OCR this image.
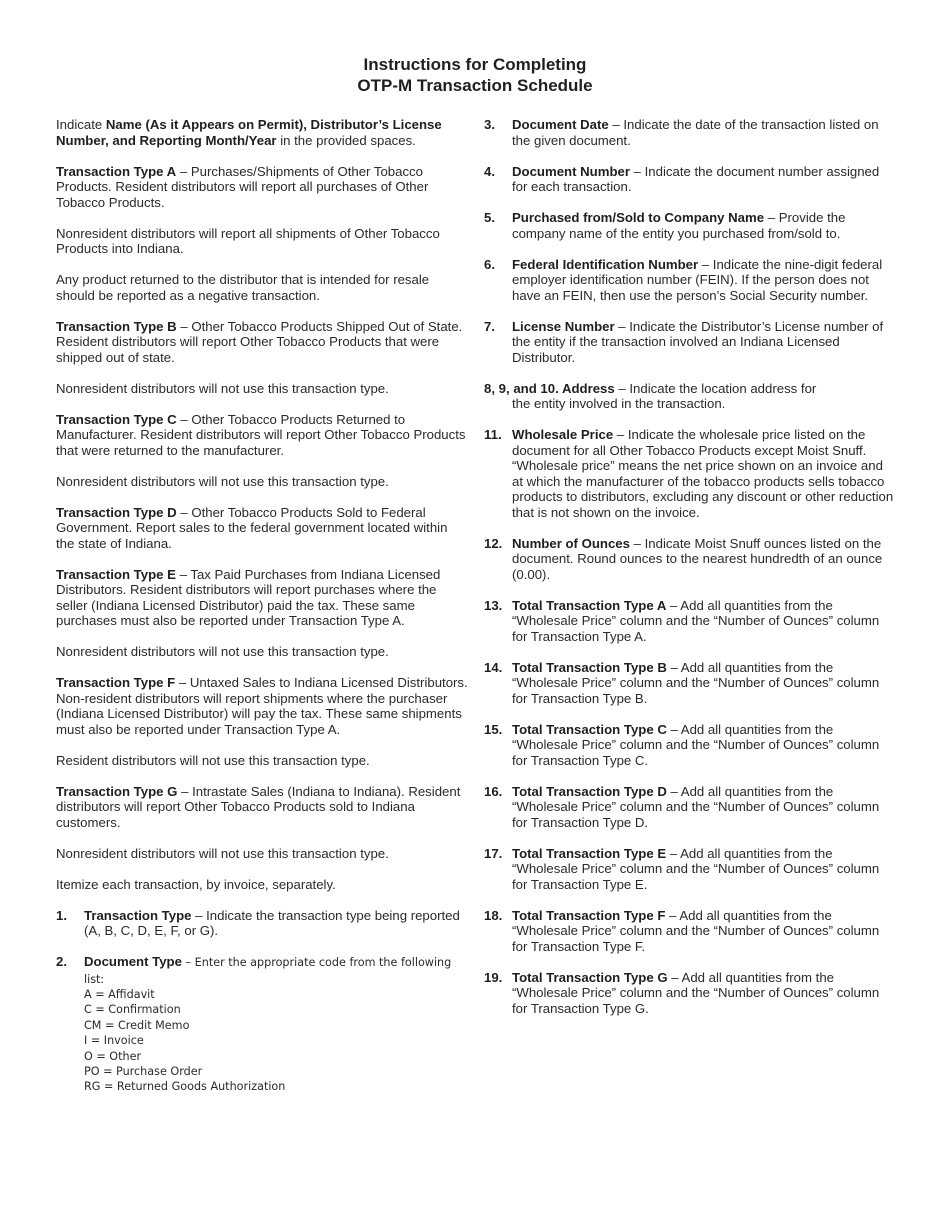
Instructions for Completing
OTP-M Transaction Schedule

Indicate Name (As it Appears on Permit), Distributor’s License Number, and Reporting Month/Year in the provided spaces.

Transaction Type A – Purchases/Shipments of Other Tobacco Products. Resident distributors will report all purchases of Other Tobacco Products.

Nonresident distributors will report all shipments of Other Tobacco Products into Indiana.

Any product returned to the distributor that is intended for resale should be reported as a negative transaction.

Transaction Type B – Other Tobacco Products Shipped Out of State. Resident distributors will report Other Tobacco Products that were shipped out of state.

Nonresident distributors will not use this transaction type.

Transaction Type C – Other Tobacco Products Returned to Manufacturer. Resident distributors will report Other Tobacco Products that were returned to the manufacturer.

Nonresident distributors will not use this transaction type.

Transaction Type D – Other Tobacco Products Sold to Federal Government. Report sales to the federal government located within the state of Indiana.

Transaction Type E – Tax Paid Purchases from Indiana Licensed Distributors. Resident distributors will report purchases where the seller (Indiana Licensed Distributor) paid the tax. These same purchases must also be reported under Transaction Type A.

Nonresident distributors will not use this transaction type.

Transaction Type F – Untaxed Sales to Indiana Licensed Distributors. Non-resident distributors will report shipments where the purchaser (Indiana Licensed Distributor) will pay the tax. These same shipments must also be reported under Transaction Type A.

Resident distributors will not use this transaction type.

Transaction Type G – Intrastate Sales (Indiana to Indiana). Resident distributors will report Other Tobacco Products sold to Indiana customers.

Nonresident distributors will not use this transaction type.

Itemize each transaction, by invoice, separately.

1. Transaction Type – Indicate the transaction type being reported (A, B, C, D, E, F, or G).
2. Document Type – Enter the appropriate code from the following list:
A = Affidavit
C = Confirmation
CM = Credit Memo
I = Invoice
O = Other
PO = Purchase Order
RG = Returned Goods Authorization
3. Document Date – Indicate the date of the transaction listed on the given document.
4. Document Number – Indicate the document number assigned for each transaction.
5. Purchased from/Sold to Company Name – Provide the company name of the entity you purchased from/sold to.
6. Federal Identification Number – Indicate the nine-digit federal employer identification number (FEIN). If the person does not have an FEIN, then use the person’s Social Security number.
7. License Number – Indicate the Distributor’s License number of the entity if the transaction involved an Indiana Licensed Distributor.
8, 9, and 10. Address – Indicate the location address for
the entity involved in the transaction.
11. Wholesale Price – Indicate the wholesale price listed on the document for all Other Tobacco Products except Moist Snuff. “Wholesale price” means the net price shown on an invoice and at which the manufacturer of the tobacco products sells tobacco products to distributors, excluding any discount or other reduction that is not shown on the invoice.
12. Number of Ounces – Indicate Moist Snuff ounces listed on the document. Round ounces to the nearest hundredth of an ounce (0.00).
13. Total Transaction Type A – Add all quantities from the “Wholesale Price” column and the “Number of Ounces” column for Transaction Type A.
14. Total Transaction Type B – Add all quantities from the “Wholesale Price” column and the “Number of Ounces” column for Transaction Type B.
15. Total Transaction Type C – Add all quantities from the “Wholesale Price” column and the “Number of Ounces” column for Transaction Type C.
16. Total Transaction Type D – Add all quantities from the “Wholesale Price” column and the “Number of Ounces” column for Transaction Type D.
17. Total Transaction Type E – Add all quantities from the “Wholesale Price” column and the “Number of Ounces” column for Transaction Type E.
18. Total Transaction Type F – Add all quantities from the “Wholesale Price” column and the “Number of Ounces” column for Transaction Type F.
19. Total Transaction Type G – Add all quantities from the “Wholesale Price” column and the “Number of Ounces” column for Transaction Type G.
